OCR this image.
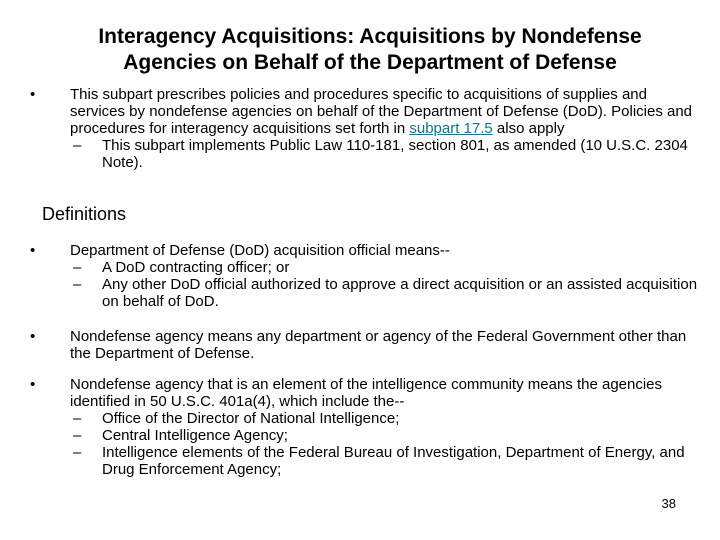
Interagency Acquisitions: Acquisitions by Nondefense
Agencies on Behalf of the Department of Defense
• This subpart prescribes policies and procedures specific to acquisitions of supplies and services by nondefense agencies on behalf of the Department of Defense (DoD). Policies and procedures for interagency acquisitions set forth in subpart 17.5 also apply
– This subpart implements Public Law 110-181, section 801, as amended (10 U.S.C. 2304 Note).
Definitions
• Department of Defense (DoD) acquisition official means--
– A DoD contracting officer; or
– Any other DoD official authorized to approve a direct acquisition or an assisted acquisition on behalf of DoD.
• Nondefense agency means any department or agency of the Federal Government other than the Department of Defense.
• Nondefense agency that is an element of the intelligence community means the agencies identified in 50 U.S.C. 401a(4), which include the--
– Office of the Director of National Intelligence;
– Central Intelligence Agency;
– Intelligence elements of the Federal Bureau of Investigation, Department of Energy, and Drug Enforcement Agency;
38
